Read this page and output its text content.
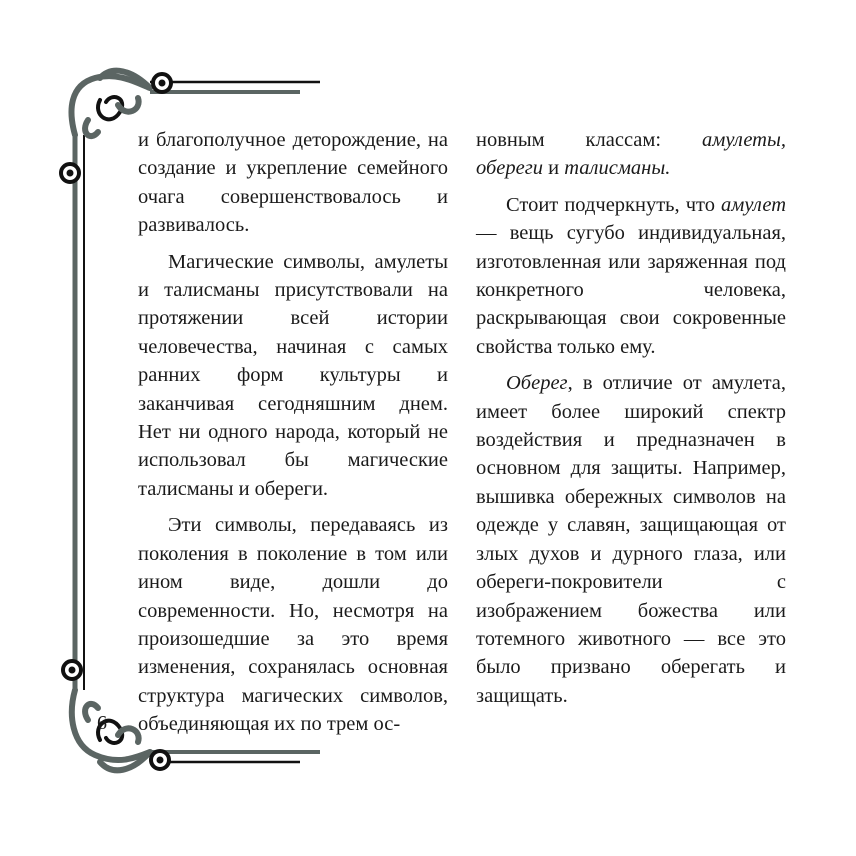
и благополучное деторождение, на создание и укрепление семейного очага совершенствовалось и развивалось.

Магические символы, амулеты и талисманы присутствовали на протяжении всей истории человечества, начиная с самых ранних форм культуры и заканчивая сегодняшним днем. Нет ни одного народа, который не использовал бы магические талисманы и обереги.

Эти символы, передаваясь из поколения в поколение в том или ином виде, дошли до современности. Но, несмотря на произошедшие за это время изменения, сохранялась основная структура магических символов, объединяющая их по трем ос-

новным классам: амулеты, обереги и талисманы.

Стоит подчеркнуть, что амулет — вещь сугубо индивидуальная, изготовленная или заряженная под конкретного человека, раскрывающая свои сокровенные свойства только ему.

Оберег, в отличие от амулета, имеет более широкий спектр воздействия и предназначен в основном для защиты. Например, вышивка обережных символов на одежде у славян, защищающая от злых духов и дурного глаза, или обереги-покровители с изображением божества или тотемного животного — все это было призвано оберегать и защищать.

6
